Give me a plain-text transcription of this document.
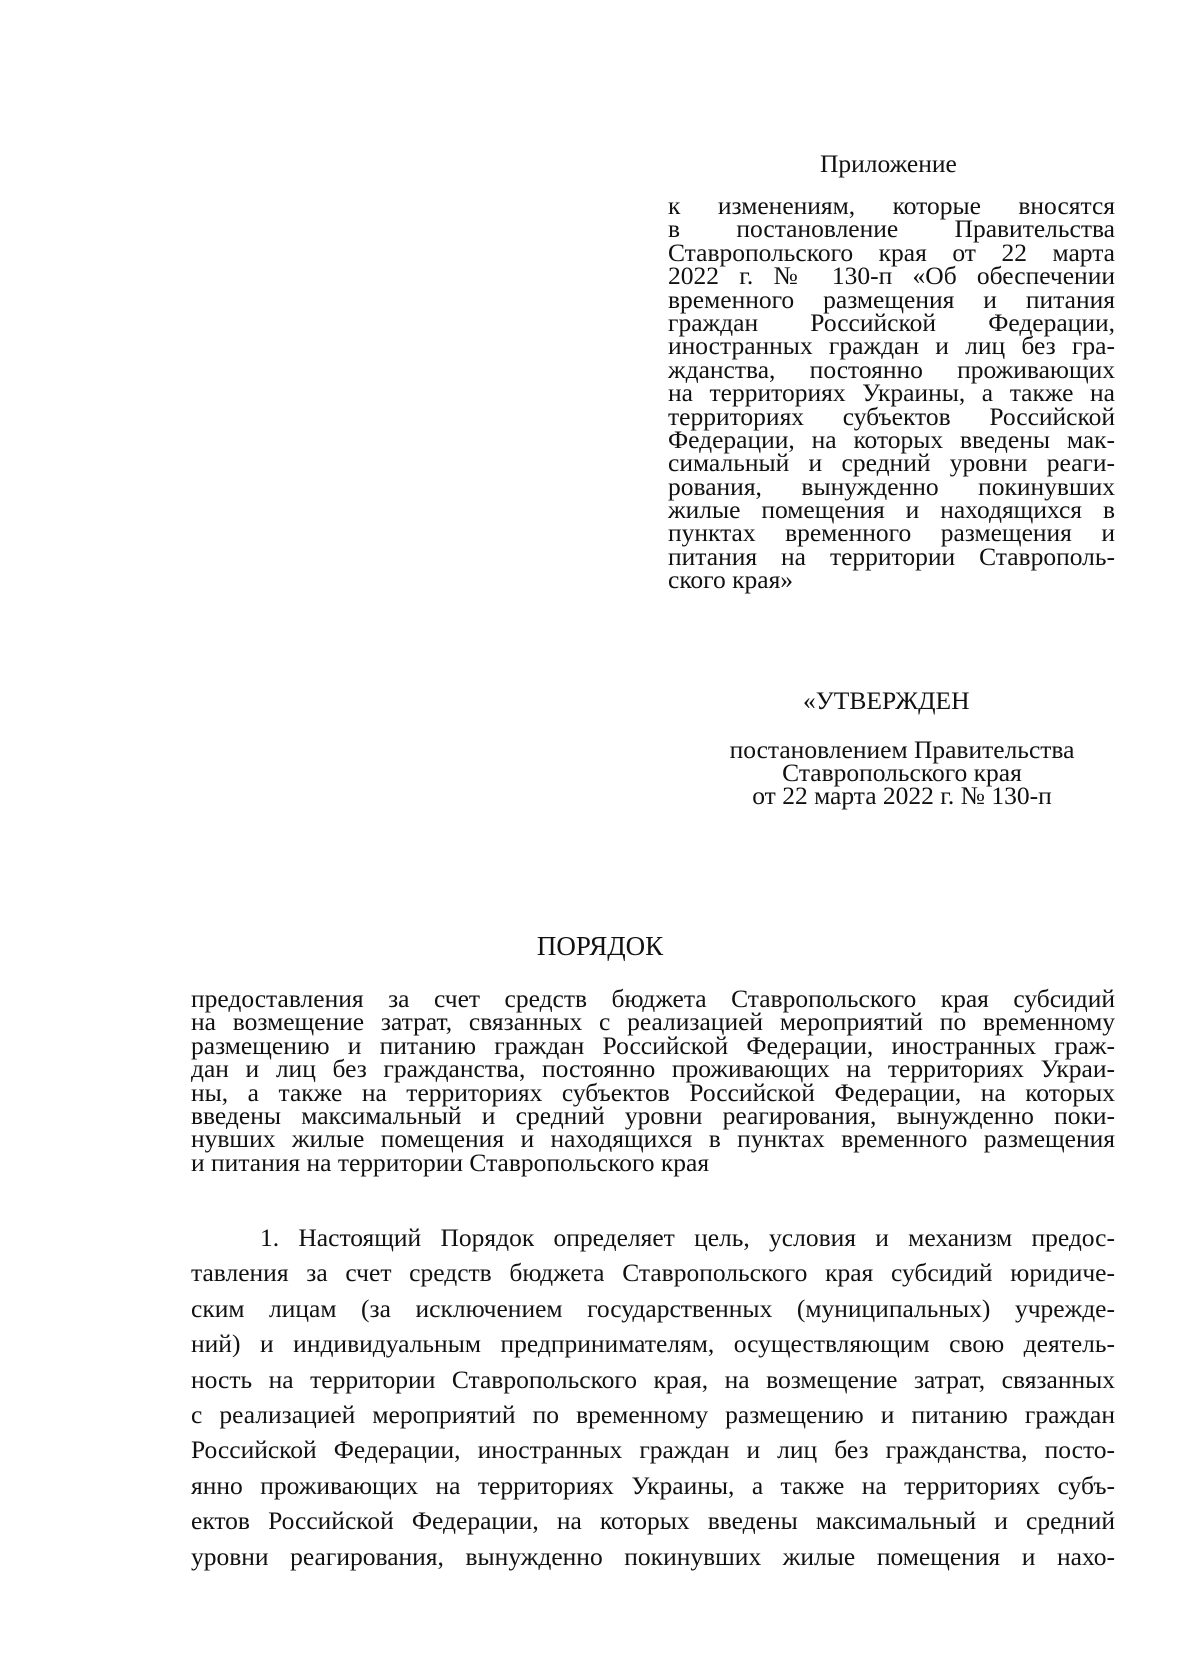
Приложение
к изменениям, которые вносятся
в постановление Правительства
Ставропольского края от 22 марта
2022 г. № 130-п «Об обеспечении
временного размещения и питания
граждан Российской Федерации,
иностранных граждан и лиц без гра-
жданства, постоянно проживающих
на территориях Украины, а также на
территориях субъектов Российской
Федерации, на которых введены мак-
симальный и средний уровни реаги-
рования, вынужденно покинувших
жилые помещения и находящихся в
пунктах временного размещения и
питания на территории Ставрополь-
ского края»
«УТВЕРЖДЕН
постановлением Правительства
Ставропольского края
от 22 марта 2022 г. № 130-п
ПОРЯДОК
предоставления за счет средств бюджета Ставропольского края субсидий
на возмещение затрат, связанных с реализацией мероприятий по временному
размещению и питанию граждан Российской Федерации, иностранных граж-
дан и лиц без гражданства, постоянно проживающих на территориях Украи-
ны, а также на территориях субъектов Российской Федерации, на которых
введены максимальный и средний уровни реагирования, вынужденно поки-
нувших жилые помещения и находящихся в пунктах временного размещения
и питания на территории Ставропольского края
1. Настоящий Порядок определяет цель, условия и механизм предос-
тавления за счет средств бюджета Ставропольского края субсидий юридиче-
ским лицам (за исключением государственных (муниципальных) учрежде-
ний) и индивидуальным предпринимателям, осуществляющим свою деятель-
ность на территории Ставропольского края, на возмещение затрат, связанных
с реализацией мероприятий по временному размещению и питанию граждан
Российской Федерации, иностранных граждан и лиц без гражданства, посто-
янно проживающих на территориях Украины, а также на территориях субъ-
ектов Российской Федерации, на которых введены максимальный и средний
уровни реагирования, вынужденно покинувших жилые помещения и нахо-
